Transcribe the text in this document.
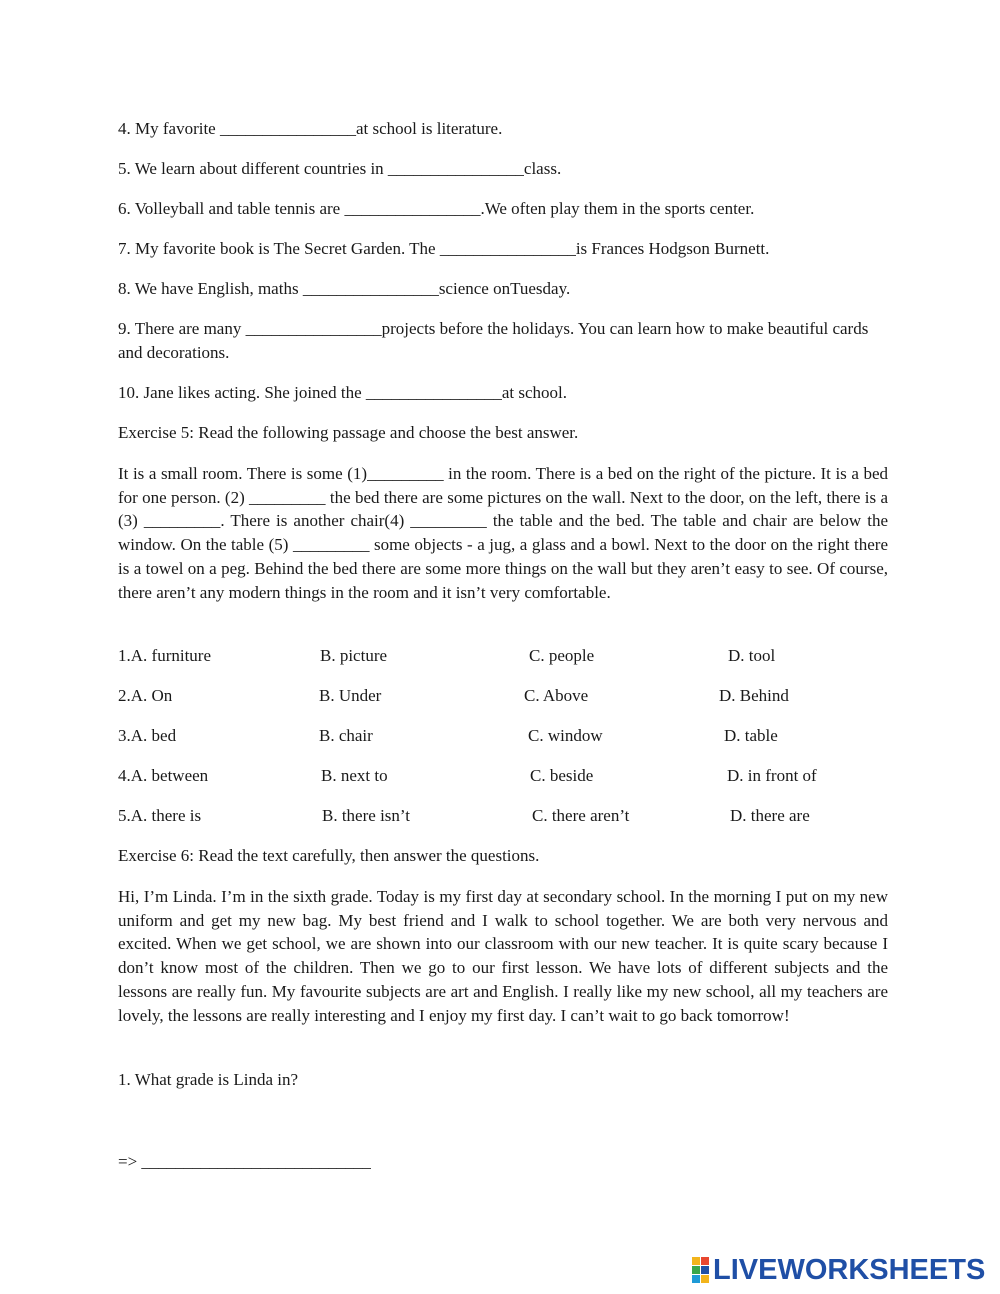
4. My favorite ________________at school is literature.
5. We learn about different countries in ________________class.
6. Volleyball and table tennis are ________________.We often play them in the sports center.
7. My favorite book is The Secret Garden. The ________________is Frances Hodgson Burnett.
8. We have English, maths ________________science onTuesday.
9. There are many ________________projects before the holidays. You can learn how to make beautiful cards and decorations.
10. Jane likes acting. She joined the ________________at school.
Exercise 5: Read the following passage and choose the best answer.
It is a small room. There is some (1)_________ in the room. There is a bed on the right of the picture. It is a bed for one person. (2) _________ the bed there are some pictures on the wall. Next to the door, on the left, there is a (3) _________. There is another chair(4) _________ the table and the bed. The table and chair are below the window. On the table (5) _________ some objects - a jug, a glass and a bowl. Next to the door on the right there is a towel on a peg. Behind the bed there are some more things on the wall but they aren’t easy to see. Of course, there aren’t any modern things in the room and it isn’t very comfortable.
1.A. furniture	B. picture	C. people	D. tool
2.A. On	B. Under	C. Above	D. Behind
3.A. bed	B. chair	C. window	D. table
4.A. between	B. next to	C. beside	D. in front of
5.A. there is	B. there isn’t	C. there aren’t	D. there are
Exercise 6: Read the text carefully, then answer the questions.
Hi, I’m Linda. I’m in the sixth grade. Today is my first day at secondary school. In the morning I put on my new uniform and get my new bag. My best friend and I walk to school together. We are both very nervous and excited. When we get school, we are shown into our classroom with our new teacher. It is quite scary because I don’t know most of the children. Then we go to our first lesson. We have lots of different subjects and the lessons are really fun. My favourite subjects are art and English. I really like my new school, all my teachers are lovely, the lessons are really interesting and I enjoy my first day. I can’t wait to go back tomorrow!
1. What grade is Linda in?
=> ___________________________
LIVEWORKSHEETS
